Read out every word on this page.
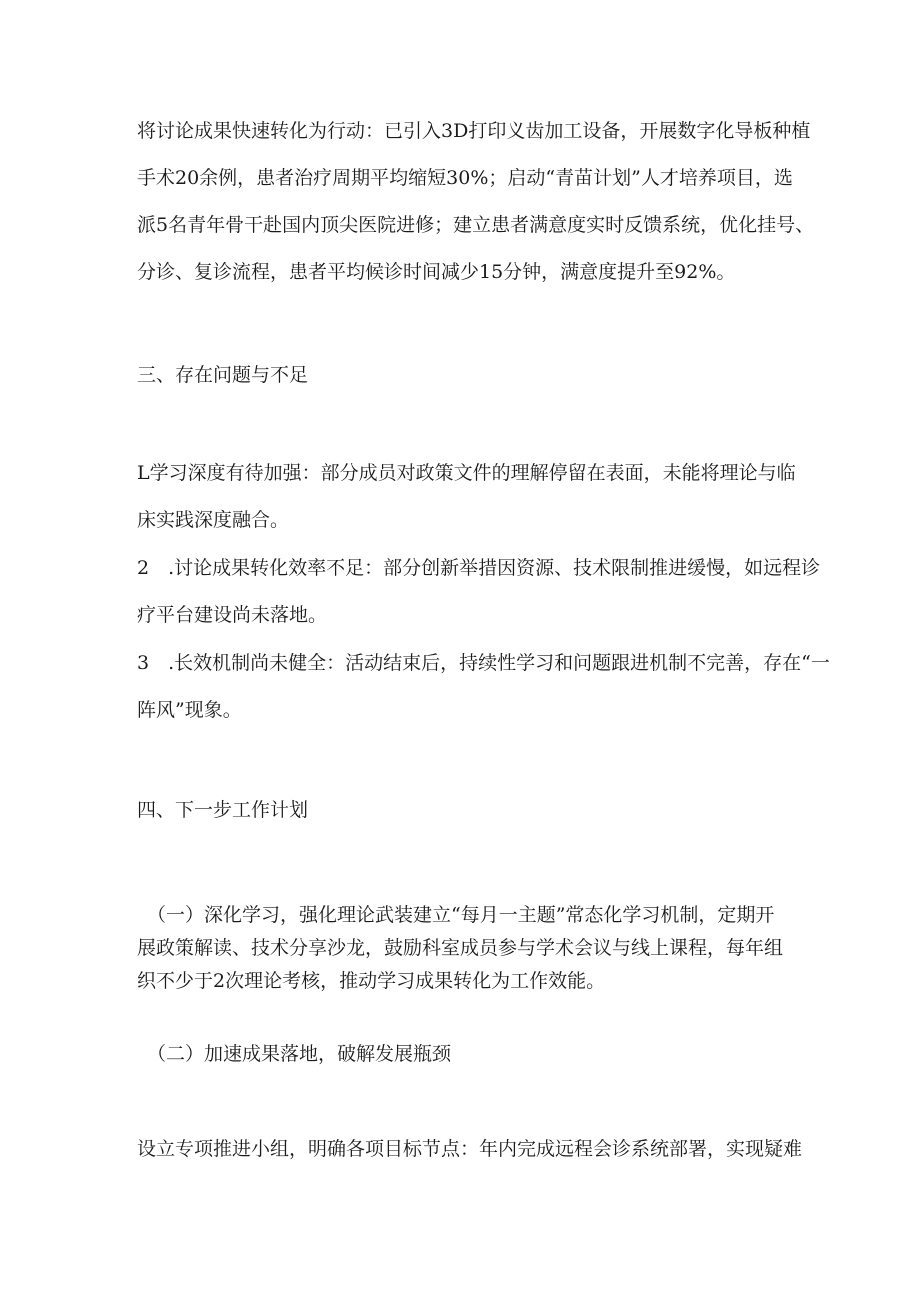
将讨论成果快速转化为行动：已引入3D打印义齿加工设备，开展数字化导板种植
手术20余例，患者治疗周期平均缩短30%；启动“青苗计划”人才培养项目，选
派5名青年骨干赴国内顶尖医院进修；建立患者满意度实时反馈系统，优化挂号、
分诊、复诊流程，患者平均候诊时间减少15分钟，满意度提升至92%。
三、存在问题与不足
L学习深度有待加强：部分成员对政策文件的理解停留在表面，未能将理论与临
床实践深度融合。
2　.讨论成果转化效率不足：部分创新举措因资源、技术限制推进缓慢，如远程诊
疗平台建设尚未落地。
3　.长效机制尚未健全：活动结束后，持续性学习和问题跟进机制不完善，存在“一
阵风”现象。
四、下一步工作计划
（一）深化学习，强化理论武装建立“每月一主题”常态化学习机制，定期开
展政策解读、技术分享沙龙，鼓励科室成员参与学术会议与线上课程，每年组
织不少于2次理论考核，推动学习成果转化为工作效能。
（二）加速成果落地，破解发展瓶颈
设立专项推进小组，明确各项目标节点：年内完成远程会诊系统部署，实现疑难
